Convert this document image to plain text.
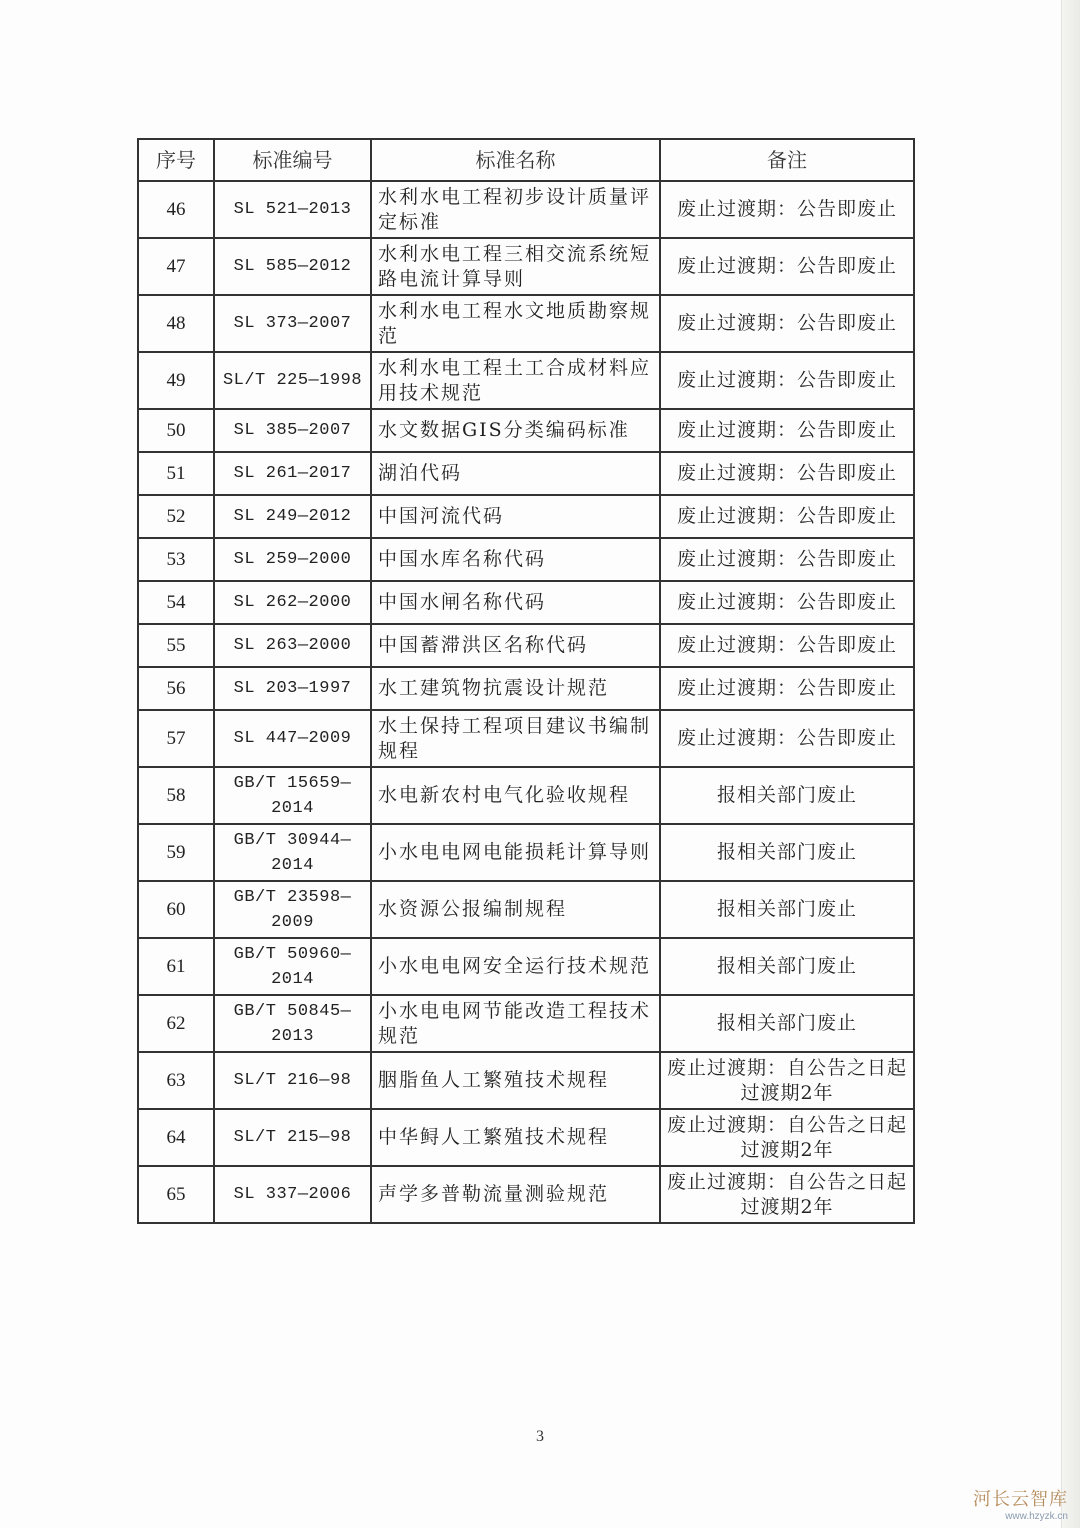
序号	标准编号	标准名称	备注
46	SL 521—2013	水利水电工程初步设计质量评定标准	废止过渡期：公告即废止
47	SL 585—2012	水利水电工程三相交流系统短路电流计算导则	废止过渡期：公告即废止
48	SL 373—2007	水利水电工程水文地质勘察规范	废止过渡期：公告即废止
49	SL/T 225—1998	水利水电工程土工合成材料应用技术规范	废止过渡期：公告即废止
50	SL 385—2007	水文数据GIS分类编码标准	废止过渡期：公告即废止
51	SL 261—2017	湖泊代码	废止过渡期：公告即废止
52	SL 249—2012	中国河流代码	废止过渡期：公告即废止
53	SL 259—2000	中国水库名称代码	废止过渡期：公告即废止
54	SL 262—2000	中国水闸名称代码	废止过渡期：公告即废止
55	SL 263—2000	中国蓄滞洪区名称代码	废止过渡期：公告即废止
56	SL 203—1997	水工建筑物抗震设计规范	废止过渡期：公告即废止
57	SL 447—2009	水土保持工程项目建议书编制规程	废止过渡期：公告即废止
58	GB/T 15659—2014	水电新农村电气化验收规程	报相关部门废止
59	GB/T 30944—2014	小水电电网电能损耗计算导则	报相关部门废止
60	GB/T 23598—2009	水资源公报编制规程	报相关部门废止
61	GB/T 50960—2014	小水电电网安全运行技术规范	报相关部门废止
62	GB/T 50845—2013	小水电电网节能改造工程技术规范	报相关部门废止
63	SL/T 216—98	胭脂鱼人工繁殖技术规程	废止过渡期：自公告之日起过渡期2年
64	SL/T 215—98	中华鲟人工繁殖技术规程	废止过渡期：自公告之日起过渡期2年
65	SL 337—2006	声学多普勒流量测验规范	废止过渡期：自公告之日起过渡期2年
3
河长云智库
www.hzyzk.cn
